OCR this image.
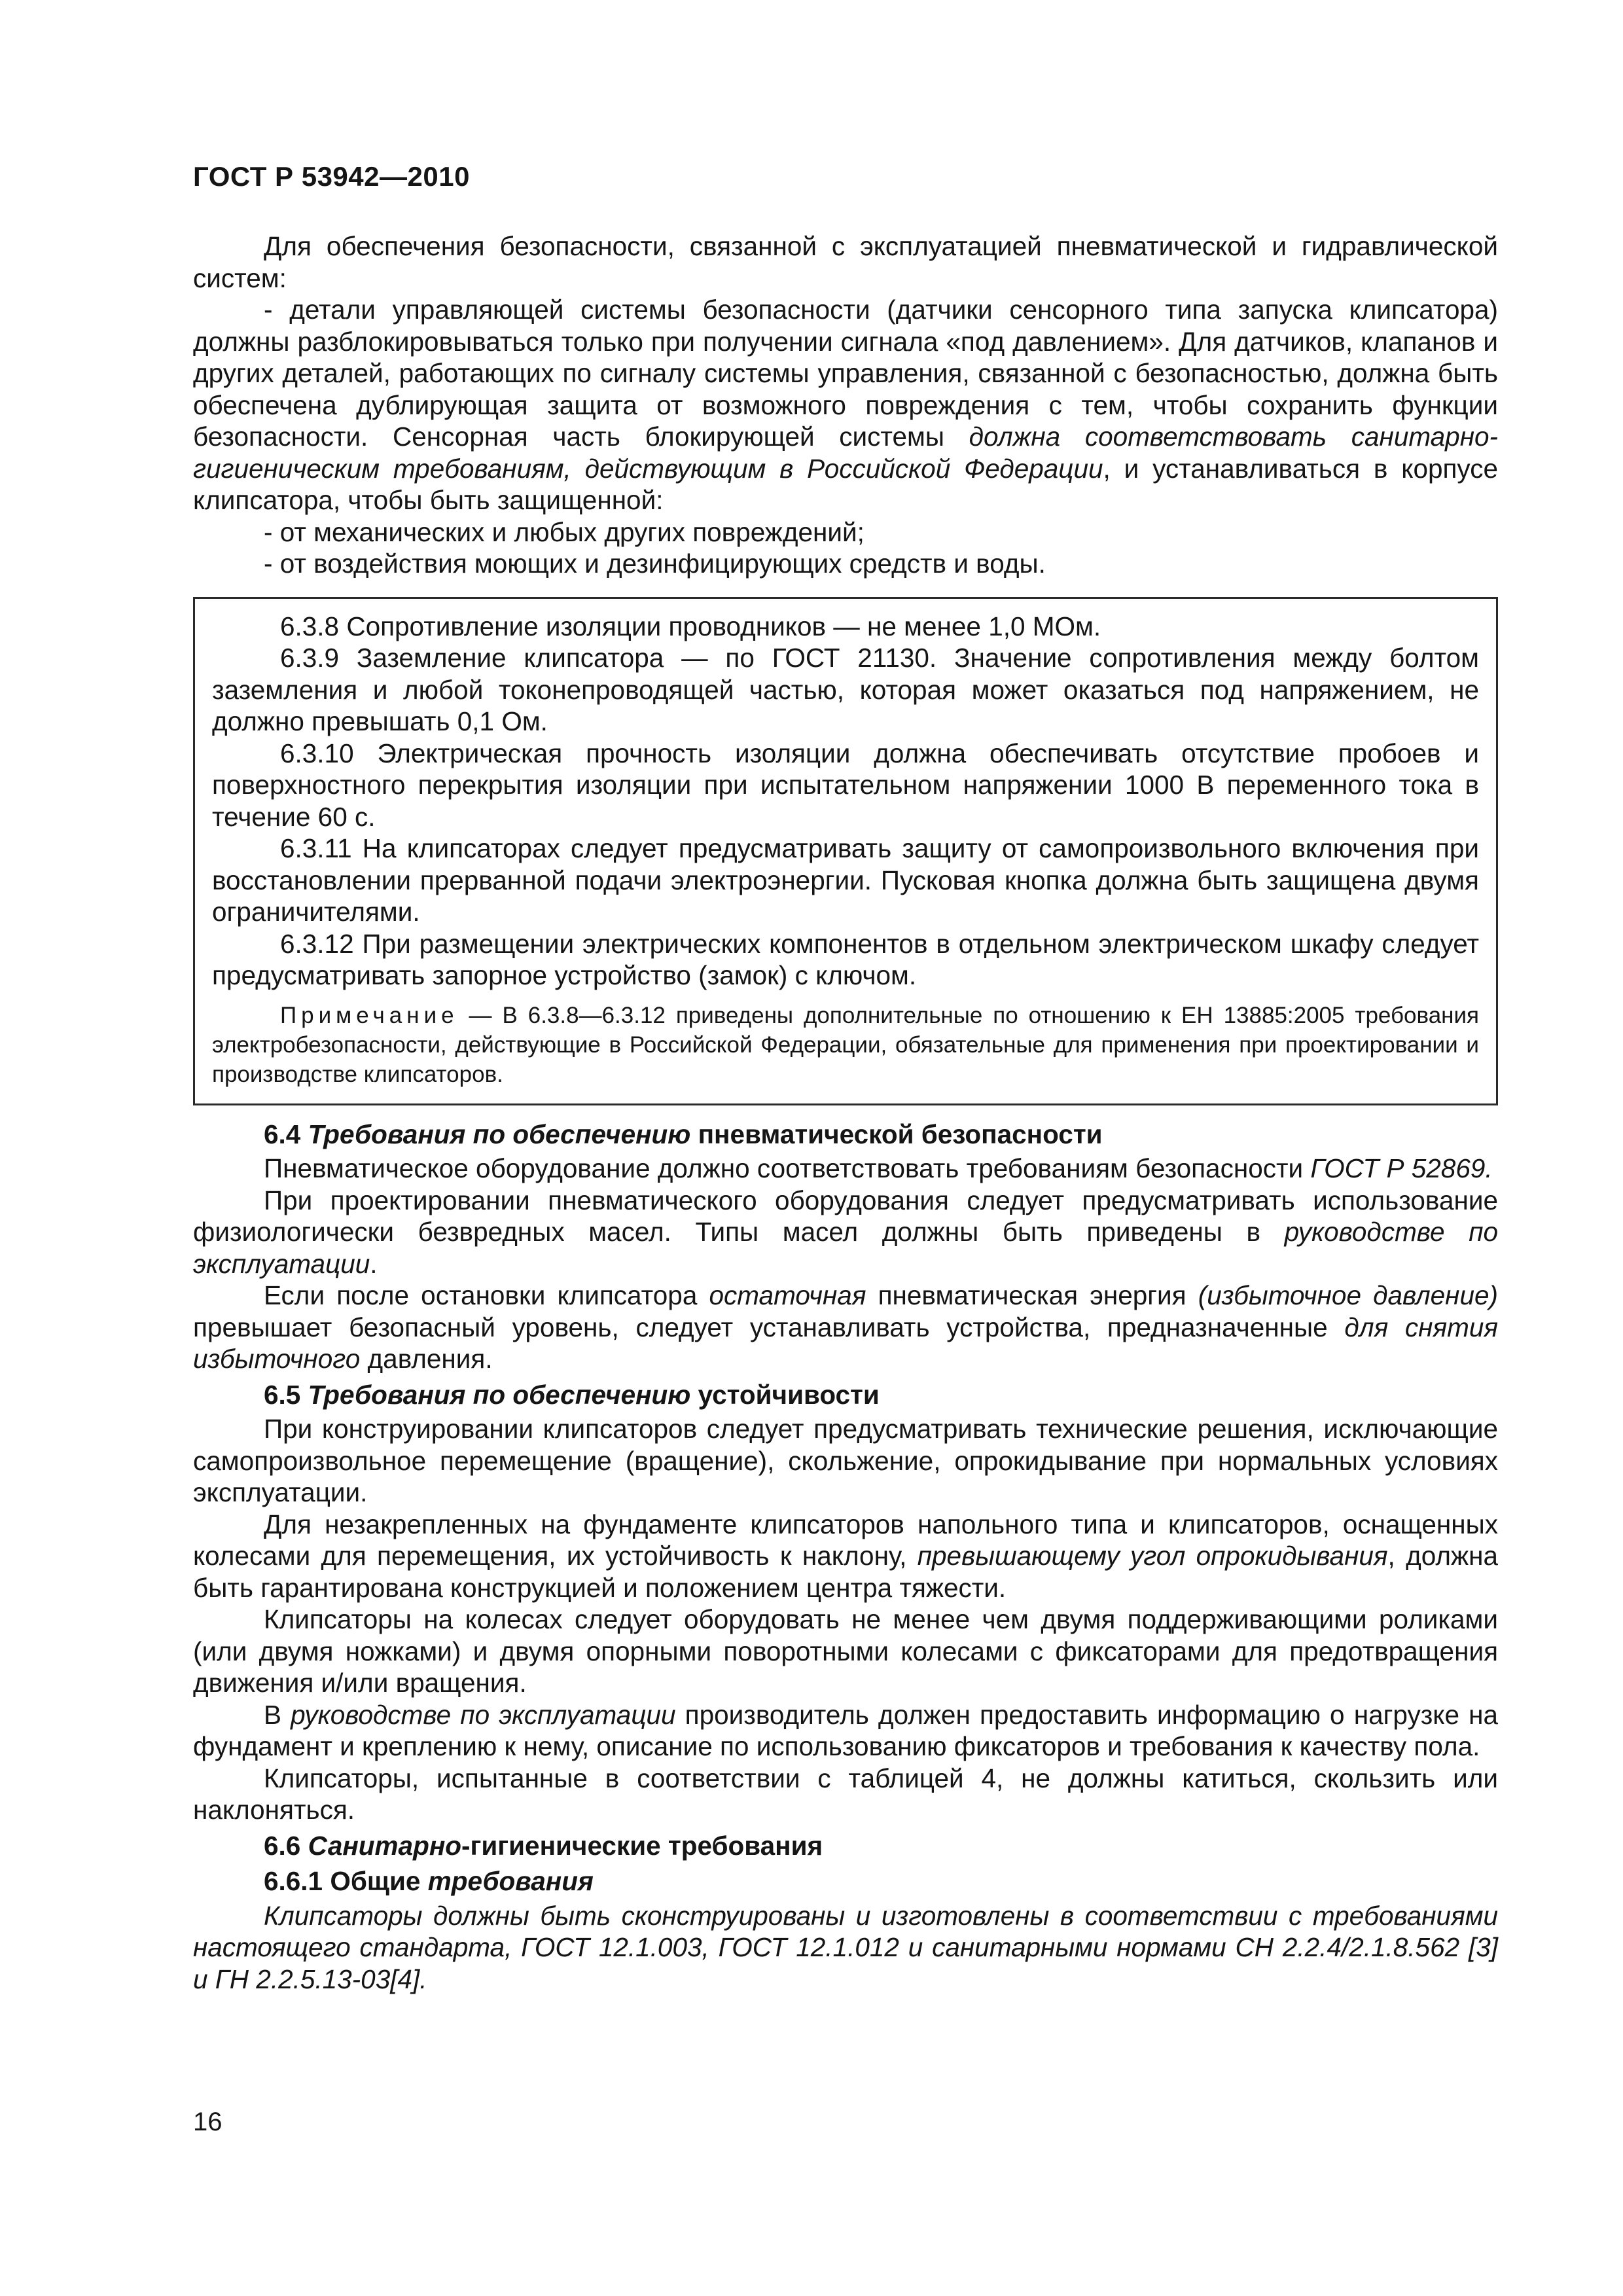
ГОСТ Р 53942—2010

Для обеспечения безопасности, связанной с эксплуатацией пневматической и гидравлической систем:

- детали управляющей системы безопасности (датчики сенсорного типа запуска клипсатора) должны разблокировываться только при получении сигнала «под давлением». Для датчиков, клапанов и других деталей, работающих по сигналу системы управления, связанной с безопасностью, должна быть обеспечена дублирующая защита от возможного повреждения с тем, чтобы сохранить функции безопасности. Сенсорная часть блокирующей системы должна соответствовать санитарно-гигиеническим требованиям, действующим в Российской Федерации, и устанавливаться в корпусе клипсатора, чтобы быть защищенной:

- от механических и любых других повреждений;

- от воздействия моющих и дезинфицирующих средств и воды.

6.3.8 Сопротивление изоляции проводников — не менее 1,0 МОм.

6.3.9 Заземление клипсатора — по ГОСТ 21130. Значение сопротивления между болтом заземления и любой токонепроводящей частью, которая может оказаться под напряжением, не должно превышать 0,1 Ом.

6.3.10 Электрическая прочность изоляции должна обеспечивать отсутствие пробоев и поверхностного перекрытия изоляции при испытательном напряжении 1000 В переменного тока в течение 60 с.

6.3.11 На клипсаторах следует предусматривать защиту от самопроизвольного включения при восстановлении прерванной подачи электроэнергии. Пусковая кнопка должна быть защищена двумя ограничителями.

6.3.12 При размещении электрических компонентов в отдельном электрическом шкафу следует предусматривать запорное устройство (замок) с ключом.

Примечание — В 6.3.8—6.3.12 приведены дополнительные по отношению к ЕН 13885:2005 требования электробезопасности, действующие в Российской Федерации, обязательные для применения при проектировании и производстве клипсаторов.

6.4 Требования по обеспечению пневматической безопасности

Пневматическое оборудование должно соответствовать требованиям безопасности ГОСТ Р 52869.

При проектировании пневматического оборудования следует предусматривать использование физиологически безвредных масел. Типы масел должны быть приведены в руководстве по эксплуатации.

Если после остановки клипсатора остаточная пневматическая энергия (избыточное давление) превышает безопасный уровень, следует устанавливать устройства, предназначенные для снятия избыточного давления.

6.5 Требования по обеспечению устойчивости

При конструировании клипсаторов следует предусматривать технические решения, исключающие самопроизвольное перемещение (вращение), скольжение, опрокидывание при нормальных условиях эксплуатации.

Для незакрепленных на фундаменте клипсаторов напольного типа и клипсаторов, оснащенных колесами для перемещения, их устойчивость к наклону, превышающему угол опрокидывания, должна быть гарантирована конструкцией и положением центра тяжести.

Клипсаторы на колесах следует оборудовать не менее чем двумя поддерживающими роликами (или двумя ножками) и двумя опорными поворотными колесами с фиксаторами для предотвращения движения и/или вращения.

В руководстве по эксплуатации производитель должен предоставить информацию о нагрузке на фундамент и креплению к нему, описание по использованию фиксаторов и требования к качеству пола.

Клипсаторы, испытанные в соответствии с таблицей 4, не должны катиться, скользить или наклоняться.

6.6 Санитарно-гигиенические требования

6.6.1 Общие требования

Клипсаторы должны быть сконструированы и изготовлены в соответствии с требованиями настоящего стандарта, ГОСТ 12.1.003, ГОСТ 12.1.012 и санитарными нормами СН 2.2.4/2.1.8.562 [3] и ГН 2.2.5.13-03[4].

16
